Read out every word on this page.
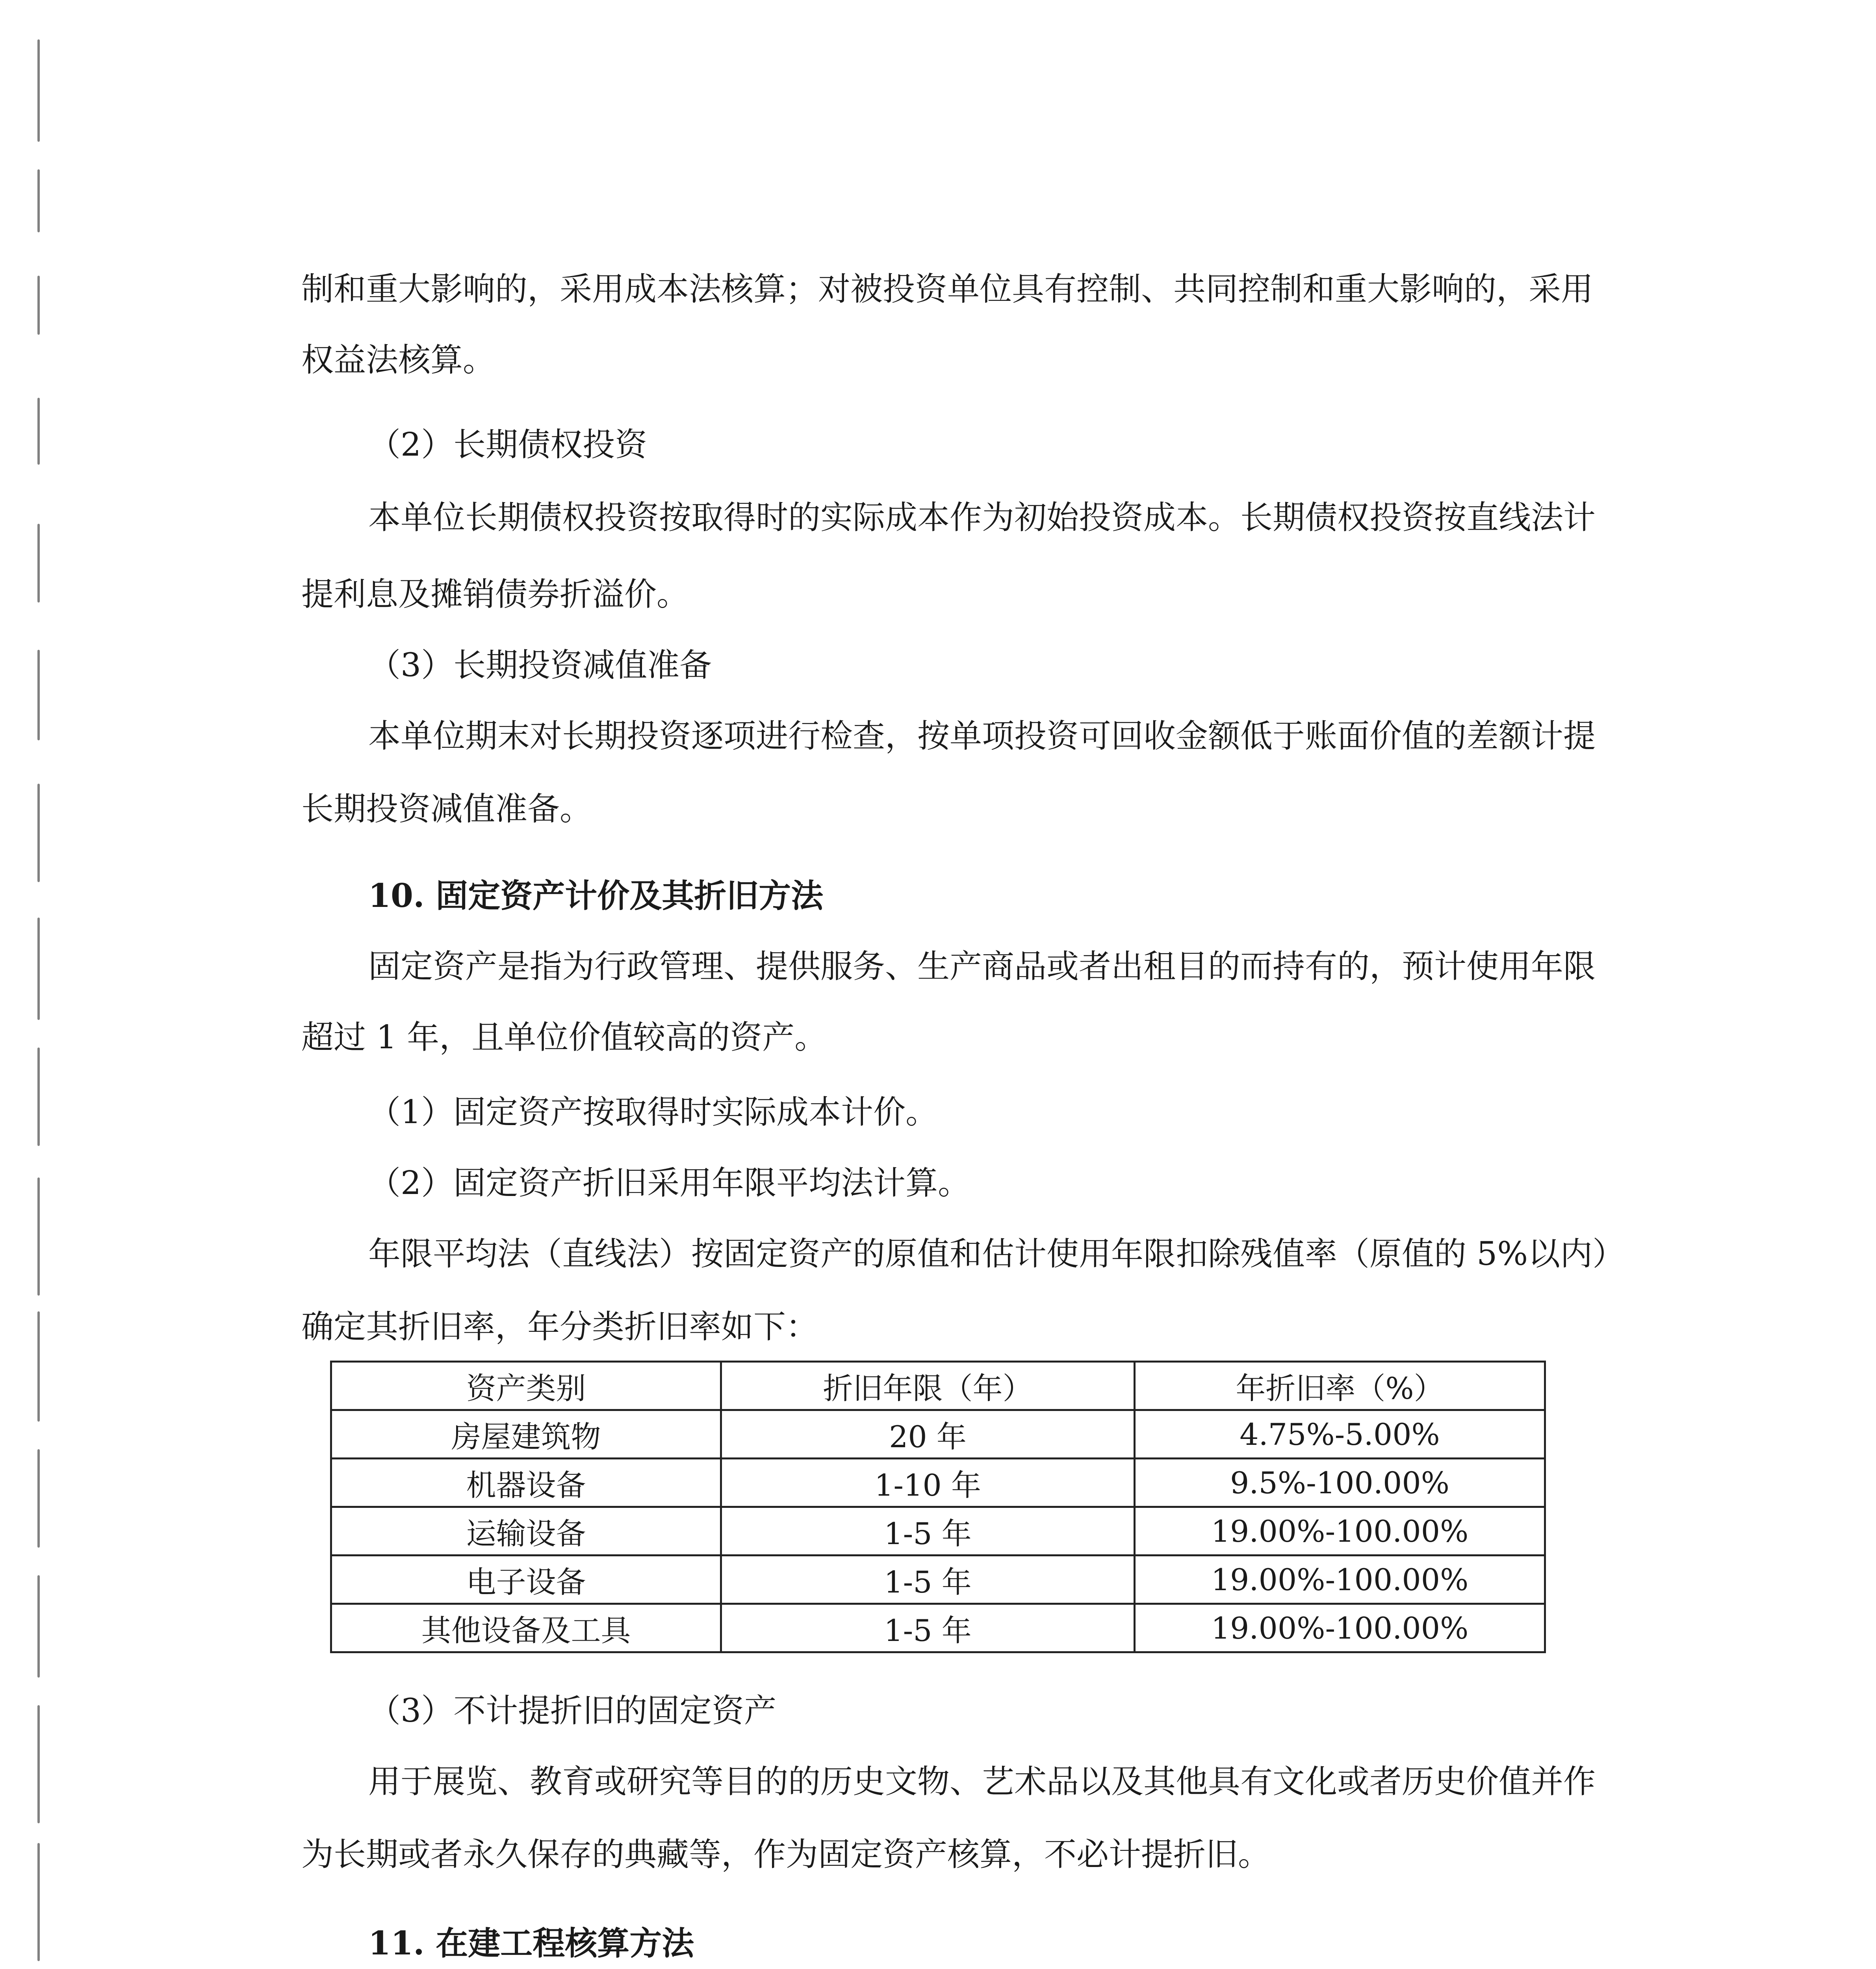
制和重大影响的，采用成本法核算；对被投资单位具有控制、共同控制和重大影响的，采用

权益法核算。

（2）长期债权投资

本单位长期债权投资按取得时的实际成本作为初始投资成本。长期债权投资按直线法计

提利息及摊销债券折溢价。

（3）长期投资减值准备

本单位期末对长期投资逐项进行检查，按单项投资可回收金额低于账面价值的差额计提

长期投资减值准备。

10. 固定资产计价及其折旧方法

固定资产是指为行政管理、提供服务、生产商品或者出租目的而持有的，预计使用年限

超过 1 年，且单位价值较高的资产。

（1）固定资产按取得时实际成本计价。

（2）固定资产折旧采用年限平均法计算。

年限平均法（直线法）按固定资产的原值和估计使用年限扣除残值率（原值的 5%以内）

确定其折旧率，年分类折旧率如下：

资产类别	折旧年限（年）	年折旧率（%）
房屋建筑物	20 年	4.75%-5.00%
机器设备	1-10 年	9.5%-100.00%
运输设备	1-5 年	19.00%-100.00%
电子设备	1-5 年	19.00%-100.00%
其他设备及工具	1-5 年	19.00%-100.00%

（3）不计提折旧的固定资产

用于展览、教育或研究等目的的历史文物、艺术品以及其他具有文化或者历史价值并作

为长期或者永久保存的典藏等，作为固定资产核算，不必计提折旧。

11. 在建工程核算方法
